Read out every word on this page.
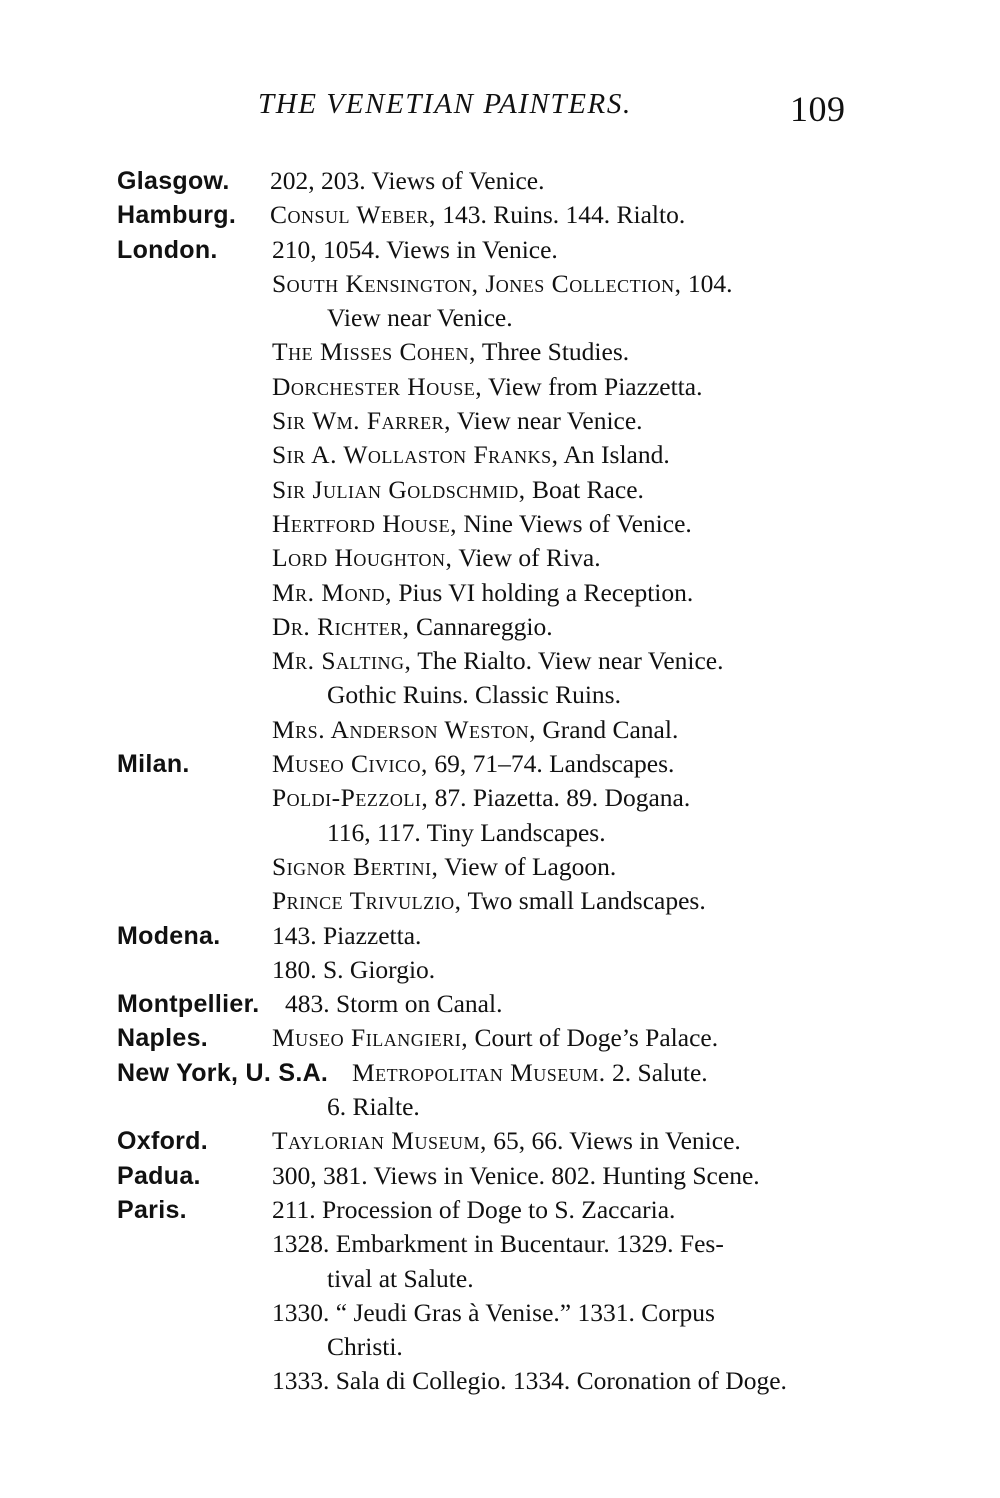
THE VENETIAN PAINTERS.	109
Glasgow. 202, 203. Views of Venice.
Hamburg. Consul Weber, 143. Ruins. 144. Rialto.
London. 210, 1054. Views in Venice.
South Kensington, Jones Collection, 104.
View near Venice.
The Misses Cohen, Three Studies.
Dorchester House, View from Piazzetta.
Sir Wm. Farrer, View near Venice.
Sir A. Wollaston Franks, An Island.
Sir Julian Goldschmid, Boat Race.
Hertford House, Nine Views of Venice.
Lord Houghton, View of Riva.
Mr. Mond, Pius VI holding a Reception.
Dr. Richter, Cannareggio.
Mr. Salting, The Rialto. View near Venice.
Gothic Ruins. Classic Ruins.
Mrs. Anderson Weston, Grand Canal.
Milan.	Museo Civico, 69, 71–74. Landscapes.
Poldi-Pezzoli, 87. Piazetta. 89. Dogana.
116, 117. Tiny Landscapes.
Signor Bertini, View of Lagoon.
Prince Trivulzio, Two small Landscapes.
Modena. 143. Piazzetta.
180. S. Giorgio.
Montpellier. 483. Storm on Canal.
Naples.	Museo Filangieri, Court of Doge’s Palace.
New York, U. S.A. Metropolitan Museum. 2. Salute.
6. Rialte.
Oxford.	Taylorian Museum, 65, 66. Views in Venice.
Padua.	300, 381. Views in Venice. 802. Hunting Scene.
Paris.	211. Procession of Doge to S. Zaccaria.
1328. Embarkment in Bucentaur. 1329. Fes-
tival at Salute.
1330. “ Jeudi Gras à Venise.” 1331. Corpus
Christi.
1333. Sala di Collegio. 1334. Coronation of Doge.
